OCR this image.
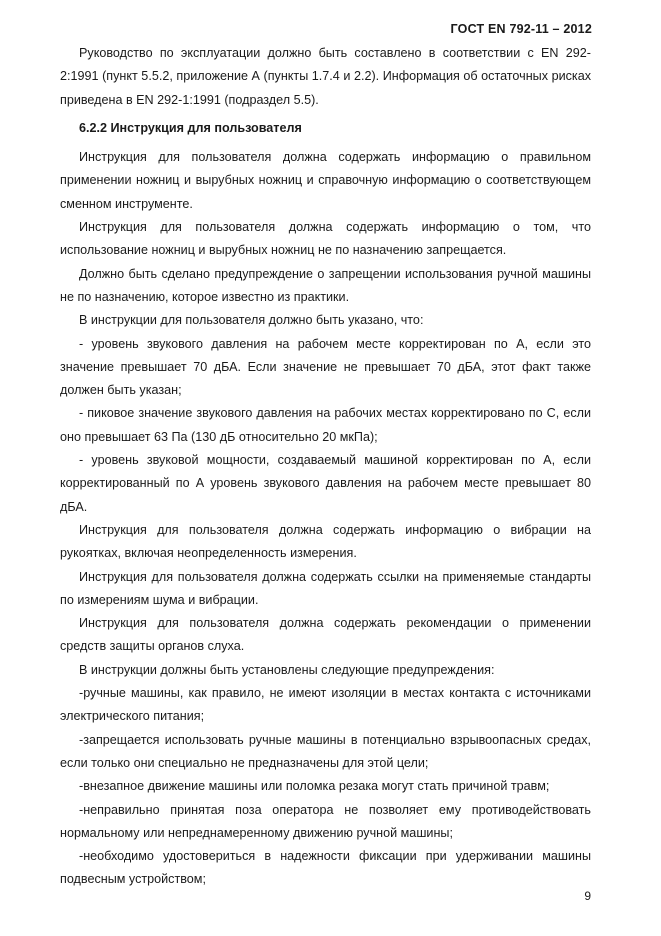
ГОСТ EN 792-11 – 2012

Руководство по эксплуатации должно быть составлено в соответствии с EN 292-2:1991 (пункт 5.5.2, приложение А (пункты 1.7.4 и 2.2). Информация об остаточных рисках приведена в EN 292-1:1991 (подраздел 5.5).

6.2.2 Инструкция для пользователя

Инструкция для пользователя должна содержать информацию о правильном применении ножниц и вырубных ножниц и справочную информацию о соответствующем сменном инструменте.

Инструкция для пользователя должна содержать информацию о том, что использование ножниц и вырубных ножниц не по назначению запрещается.

Должно быть сделано предупреждение о запрещении использования ручной машины не по назначению, которое известно из практики.

В инструкции для пользователя должно быть указано, что:

- уровень звукового давления на рабочем месте корректирован по А, если это значение превышает 70 дБА. Если значение не превышает 70 дБА, этот факт также должен быть указан;

- пиковое значение звукового давления на рабочих местах корректировано по С, если оно превышает 63 Па (130 дБ относительно 20 мкПа);

- уровень звуковой мощности, создаваемый машиной корректирован по А, если корректированный по А уровень звукового давления на рабочем месте превышает 80 дБА.

Инструкция для пользователя должна содержать информацию о вибрации на рукоятках, включая неопределенность измерения.

Инструкция для пользователя должна содержать ссылки на применяемые стандарты по измерениям шума и вибрации.

Инструкция для пользователя должна содержать рекомендации о применении средств защиты органов слуха.

В инструкции должны быть установлены следующие предупреждения:

-ручные машины, как правило, не имеют изоляции в местах контакта с источниками электрического питания;

-запрещается использовать ручные машины в потенциально взрывоопасных средах, если только они специально не предназначены для этой цели;

-внезапное движение машины или поломка резака могут стать причиной травм;

-неправильно принятая поза оператора не позволяет ему противодействовать нормальному или непреднамеренному движению ручной машины;

-необходимо удостовериться в надежности фиксации при удерживании машины подвесным устройством;

9
